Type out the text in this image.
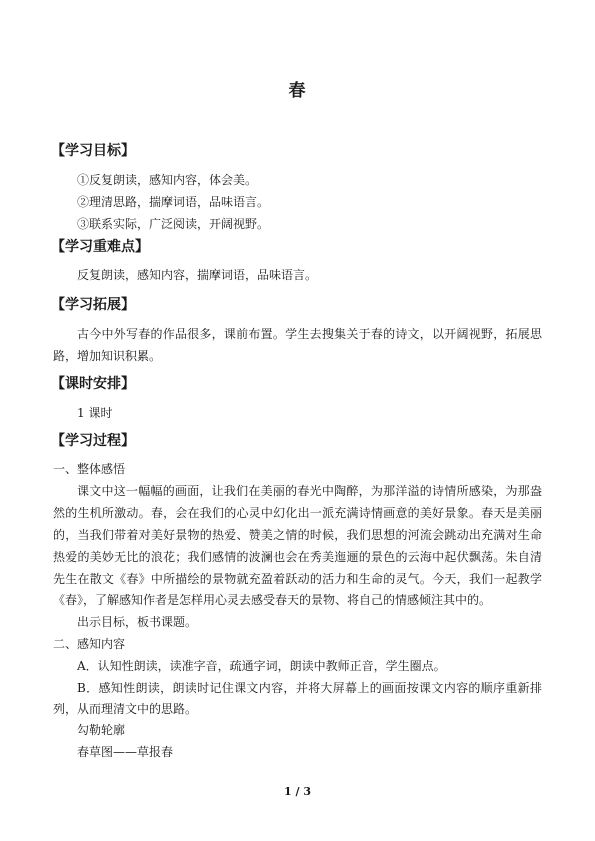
春
【学习目标】
①反复朗读，感知内容，体会美。
②理清思路，揣摩词语，品味语言。
③联系实际，广泛阅读，开阔视野。
【学习重难点】
反复朗读，感知内容，揣摩词语，品味语言。
【学习拓展】
古今中外写春的作品很多，课前布置。学生去搜集关于春的诗文，以开阔视野，拓展思路，增加知识积累。
【课时安排】
1 课时
【学习过程】
一、整体感悟
课文中这一幅幅的画面，让我们在美丽的春光中陶醉，为那洋溢的诗情所感染，为那盎然的生机所激动。春，会在我们的心灵中幻化出一派充满诗情画意的美好景象。春天是美丽的，当我们带着对美好景物的热爱、赞美之情的时候，我们思想的河流会跳动出充满对生命热爱的美妙无比的浪花；我们感情的波澜也会在秀美迤逦的景色的云海中起伏飘荡。朱自清先生在散文《春》中所描绘的景物就充盈着跃动的活力和生命的灵气。今天，我们一起教学《春》，了解感知作者是怎样用心灵去感受春天的景物、将自己的情感倾注其中的。
出示目标，板书课题。
二、感知内容
A．认知性朗读，读准字音，疏通字词，朗读中教师正音，学生圈点。
B．感知性朗读，朗读时记住课文内容，并将大屏幕上的画面按课文内容的顺序重新排列，从而理清文中的思路。
勾勒轮廓
春草图——草报春
1 / 3
